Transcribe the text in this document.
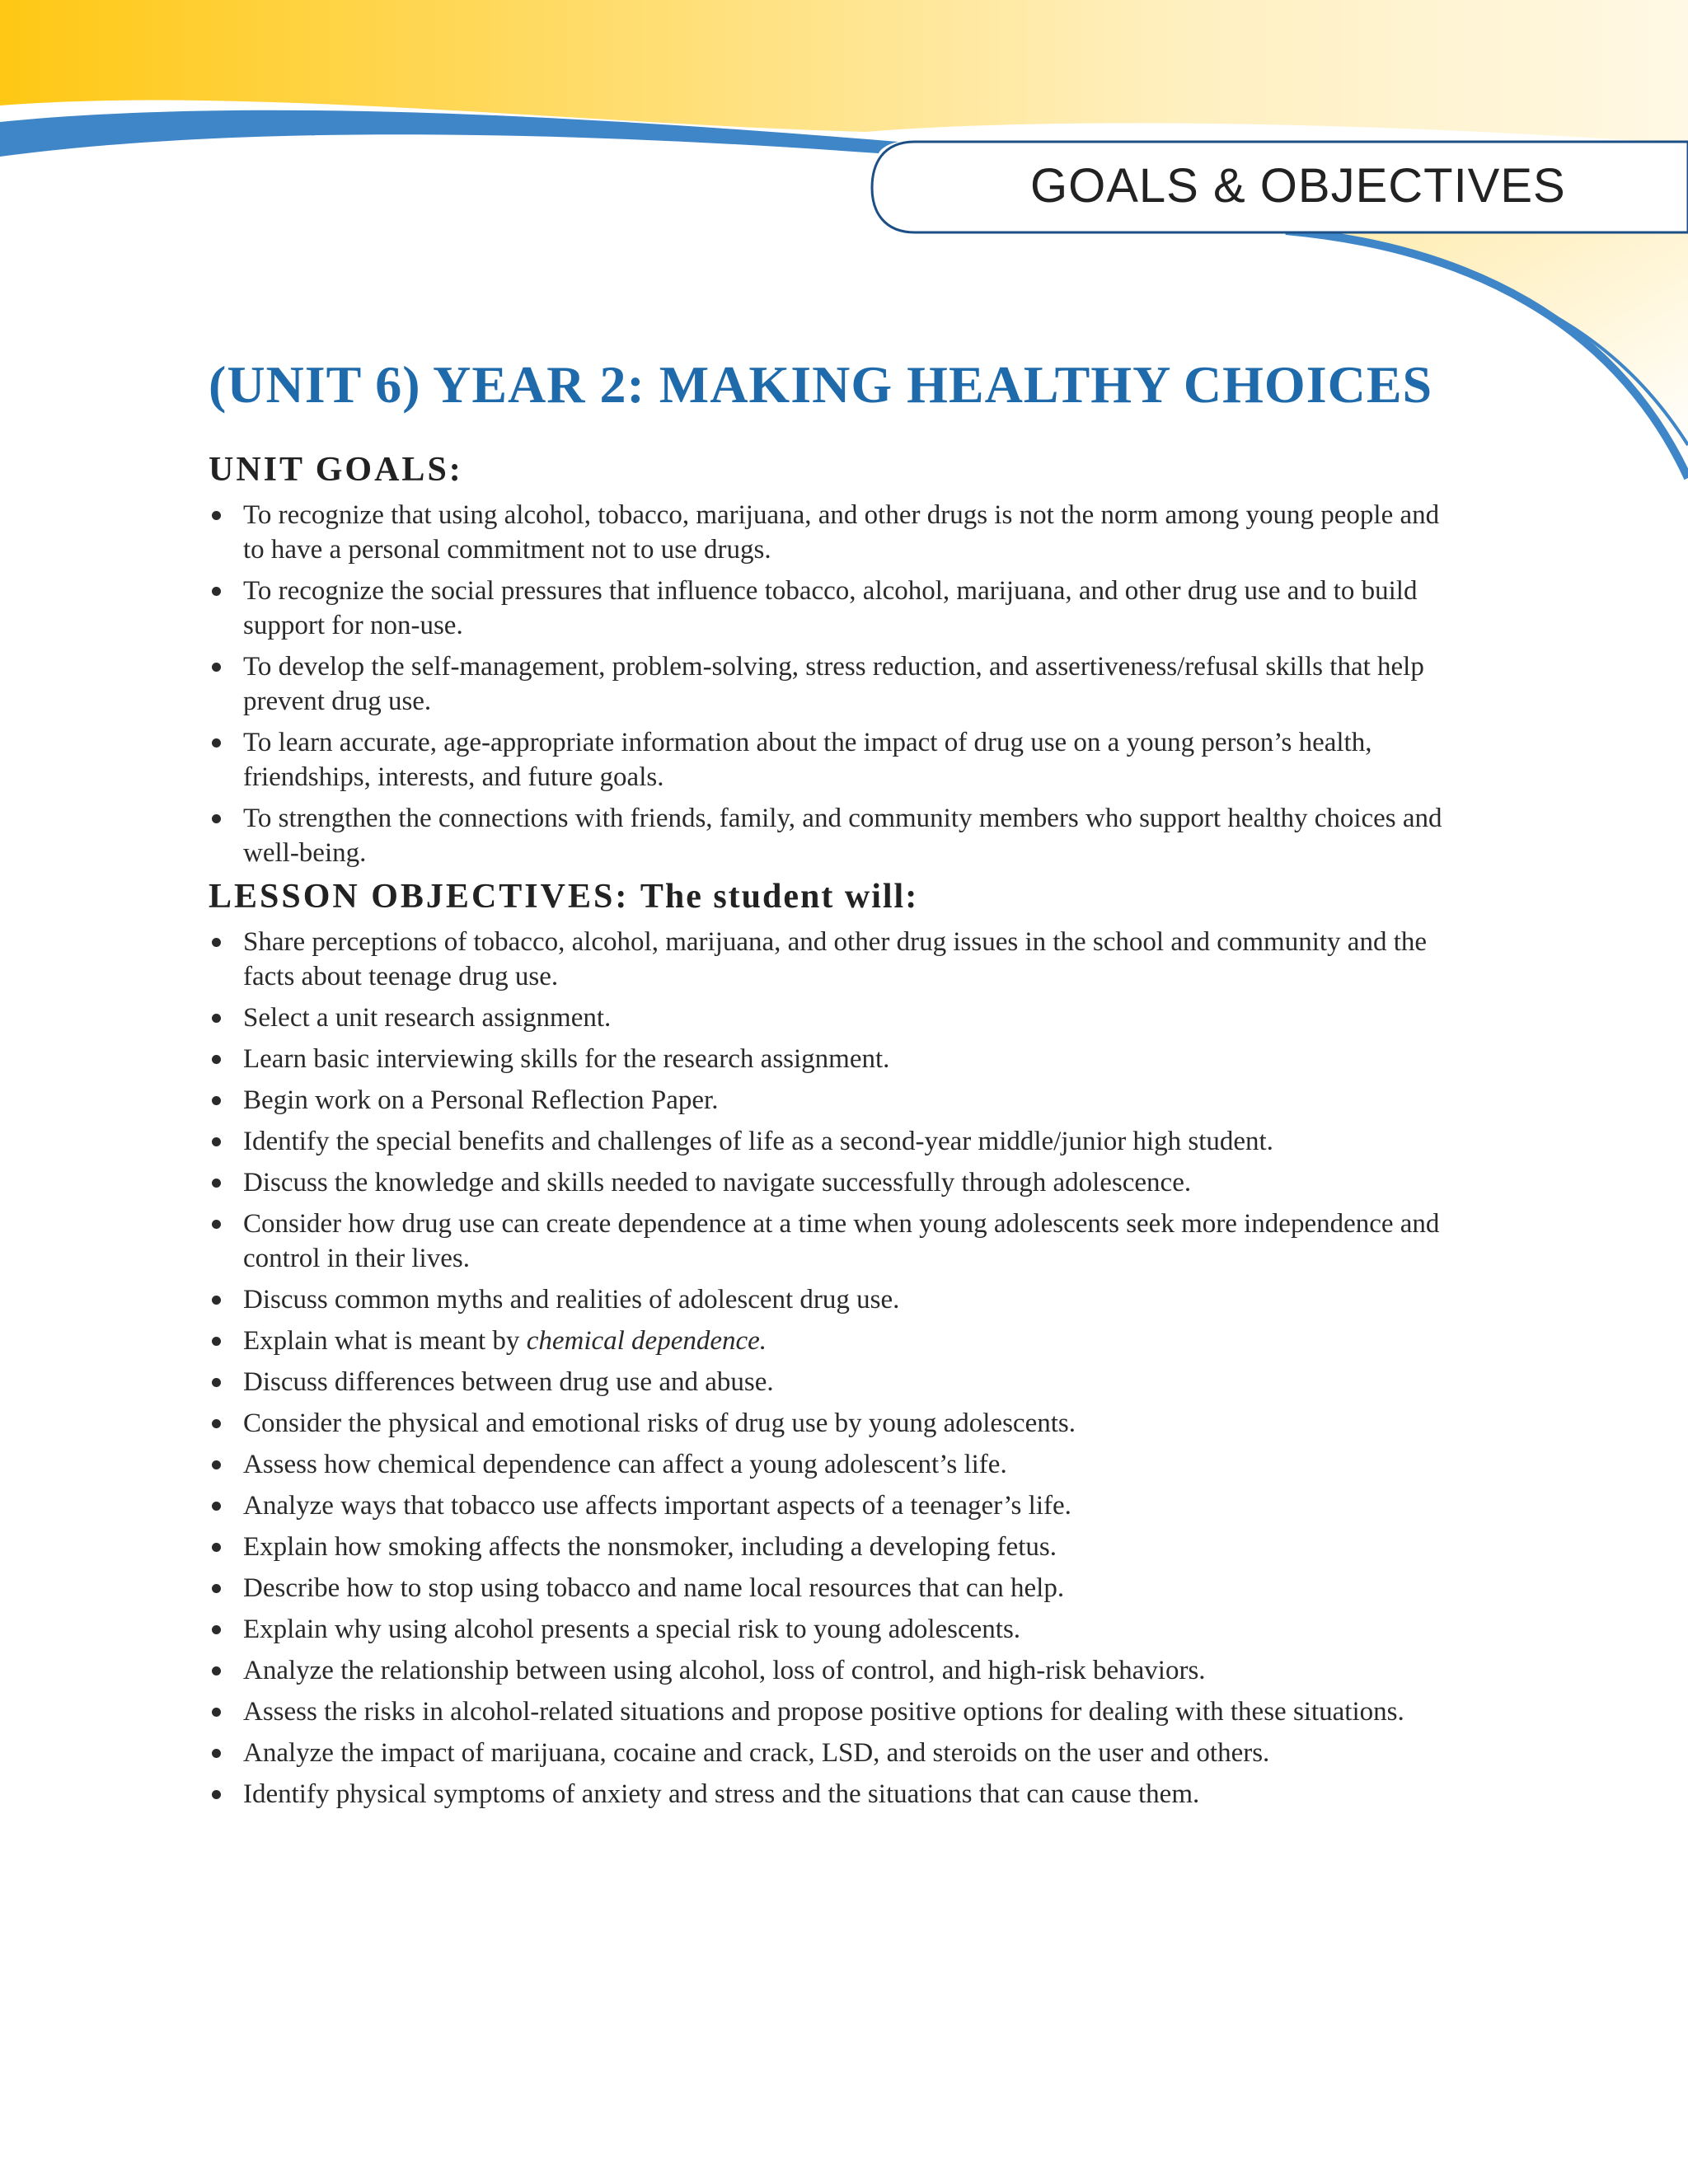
GOALS & OBJECTIVES
(UNIT 6) YEAR 2: MAKING HEALTHY CHOICES
UNIT GOALS:
To recognize that using alcohol, tobacco, marijuana, and other drugs is not the norm among young people and to have a personal commitment not to use drugs.
To recognize the social pressures that influence tobacco, alcohol, marijuana, and other drug use and to build support for non-use.
To develop the self-management, problem-solving, stress reduction, and assertiveness/refusal skills that help prevent drug use.
To learn accurate, age-appropriate information about the impact of drug use on a young person’s health, friendships, interests, and future goals.
To strengthen the connections with friends, family, and community members who support healthy choices and well-being.
LESSON OBJECTIVES: The student will:
Share perceptions of tobacco, alcohol, marijuana, and other drug issues in the school and community and the facts about teenage drug use.
Select a unit research assignment.
Learn basic interviewing skills for the research assignment.
Begin work on a Personal Reflection Paper.
Identify the special benefits and challenges of life as a second-year middle/junior high student.
Discuss the knowledge and skills needed to navigate successfully through adolescence.
Consider how drug use can create dependence at a time when young adolescents seek more independence and control in their lives.
Discuss common myths and realities of adolescent drug use.
Explain what is meant by chemical dependence.
Discuss differences between drug use and abuse.
Consider the physical and emotional risks of drug use by young adolescents.
Assess how chemical dependence can affect a young adolescent’s life.
Analyze ways that tobacco use affects important aspects of a teenager’s life.
Explain how smoking affects the nonsmoker, including a developing fetus.
Describe how to stop using tobacco and name local resources that can help.
Explain why using alcohol presents a special risk to young adolescents.
Analyze the relationship between using alcohol, loss of control, and high-risk behaviors.
Assess the risks in alcohol-related situations and propose positive options for dealing with these situations.
Analyze the impact of marijuana, cocaine and crack, LSD, and steroids on the user and others.
Identify physical symptoms of anxiety and stress and the situations that can cause them.
